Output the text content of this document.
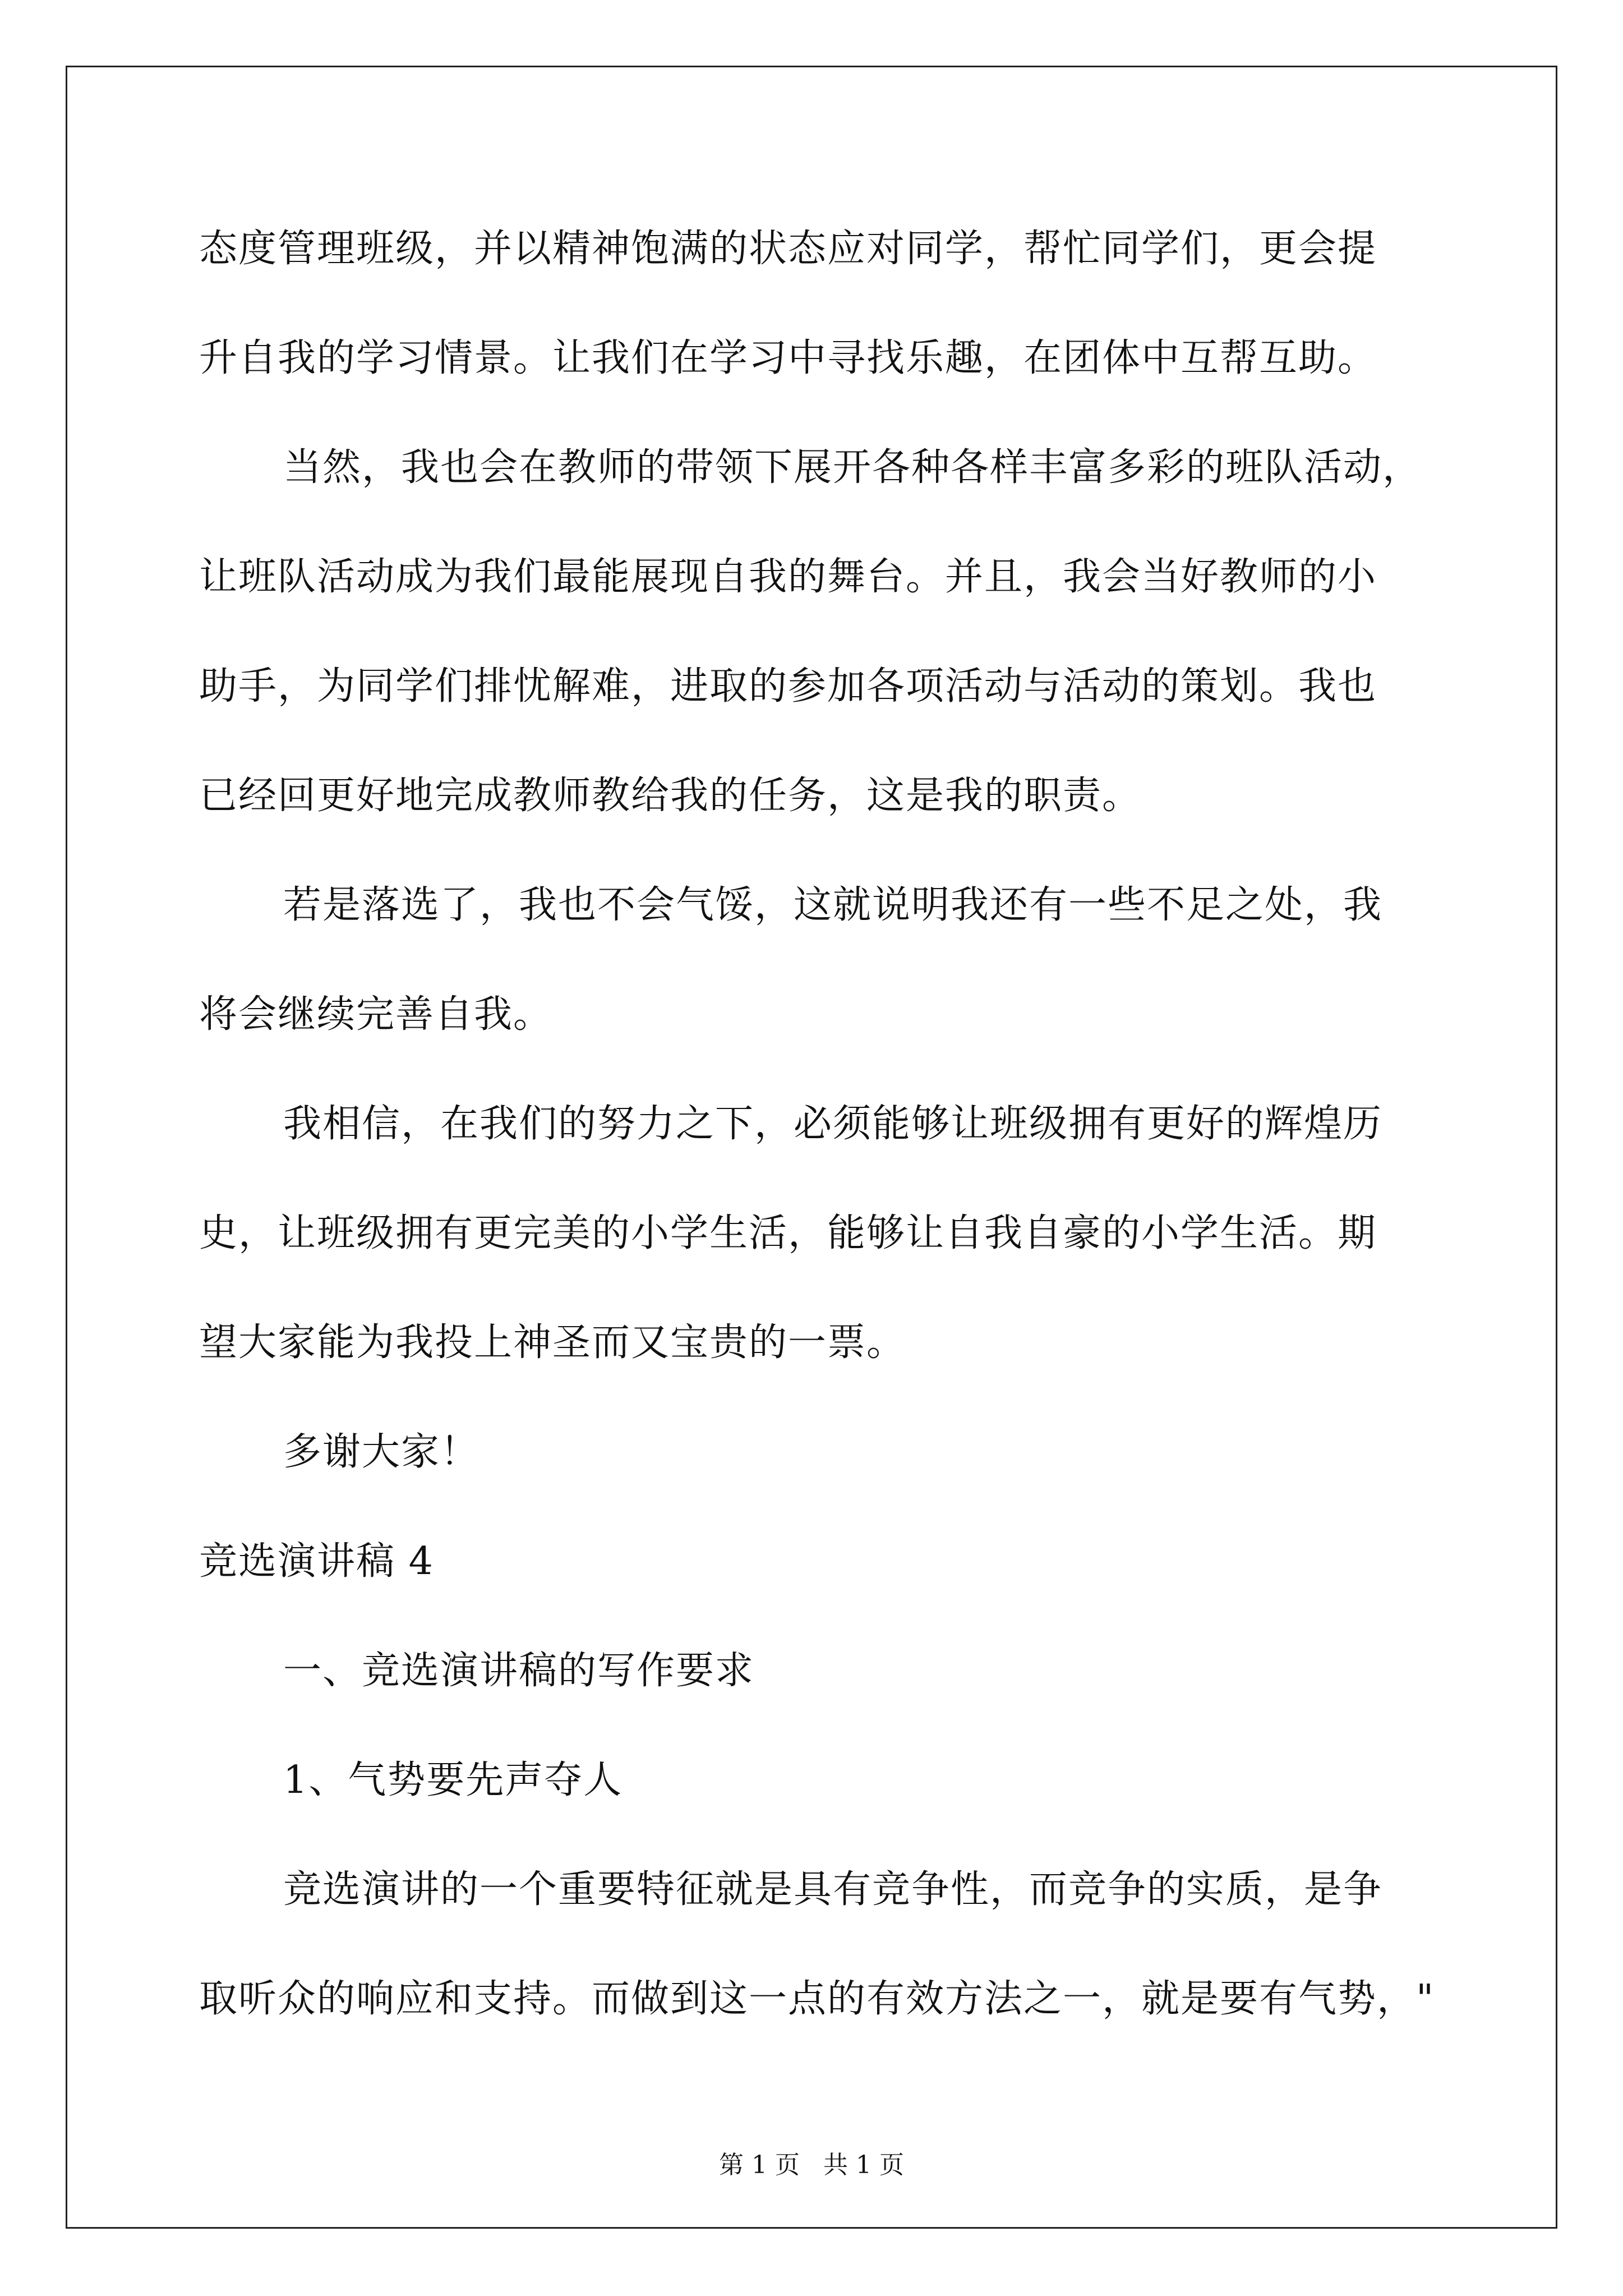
态度管理班级，并以精神饱满的状态应对同学，帮忙同学们，更会提
升自我的学习情景。让我们在学习中寻找乐趣，在团体中互帮互助。
当然，我也会在教师的带领下展开各种各样丰富多彩的班队活动，
让班队活动成为我们最能展现自我的舞台。并且，我会当好教师的小
助手，为同学们排忧解难，进取的参加各项活动与活动的策划。我也
已经回更好地完成教师教给我的任务，这是我的职责。
若是落选了，我也不会气馁，这就说明我还有一些不足之处，我
将会继续完善自我。
我相信，在我们的努力之下，必须能够让班级拥有更好的辉煌历
史，让班级拥有更完美的小学生活，能够让自我自豪的小学生活。期
望大家能为我投上神圣而又宝贵的一票。
多谢大家！
竞选演讲稿 4
一、竞选演讲稿的写作要求
1、气势要先声夺人
竞选演讲的一个重要特征就是具有竞争性，而竞争的实质，是争
取听众的响应和支持。而做到这一点的有效方法之一，就是要有气势，"
第 1 页   共 1 页
